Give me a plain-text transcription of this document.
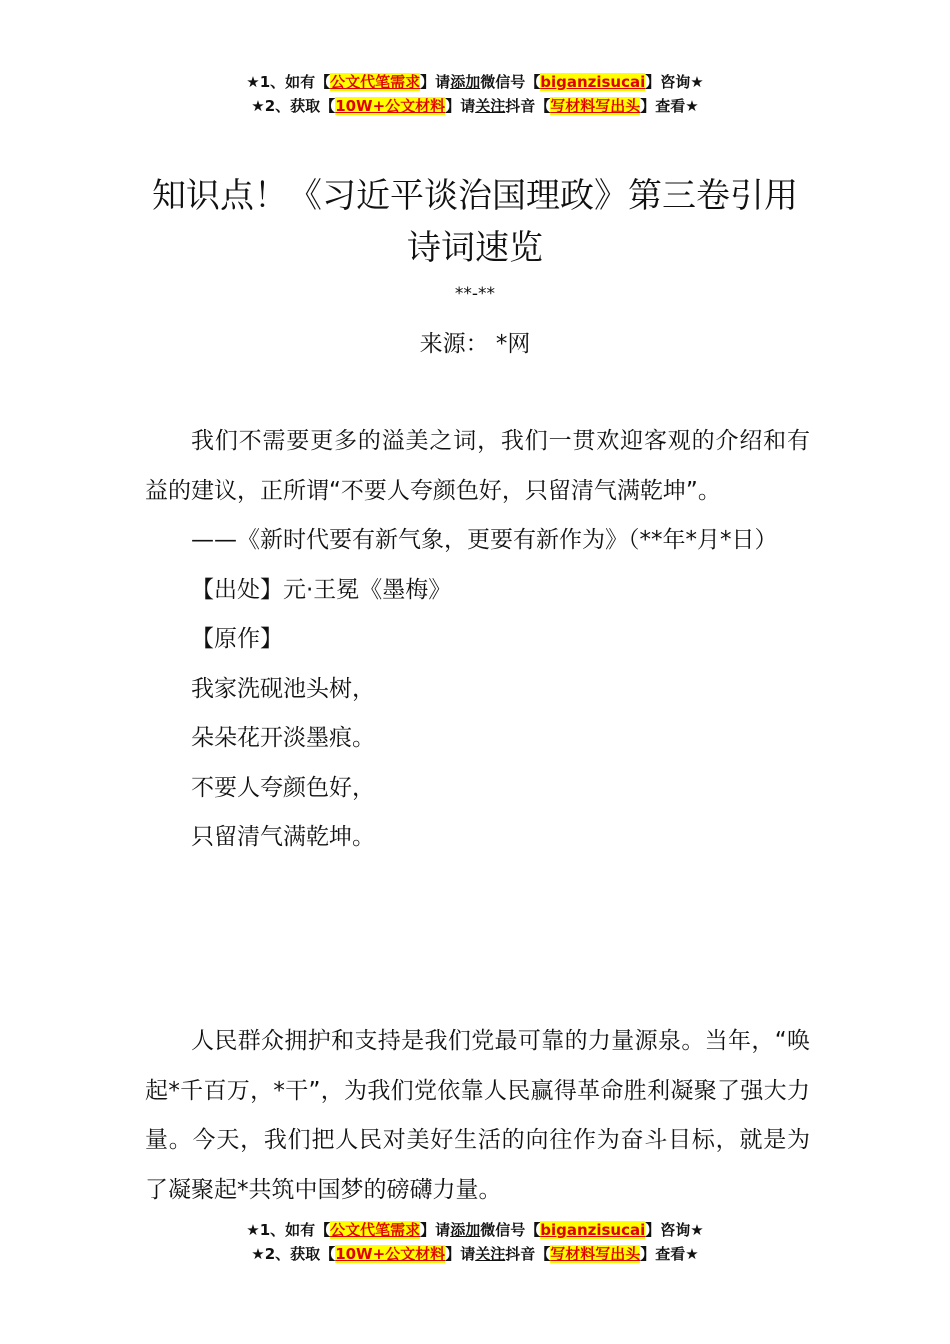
★1、如有【公文代笔需求】请添加微信号【biganzisucai】咨询★
★2、获取【10W+公文材料】请关注抖音【写材料写出头】查看★
知识点！《习近平谈治国理政》第三卷引用诗词速览
**-**
来源： *网

我们不需要更多的溢美之词，我们一贯欢迎客观的介绍和有益的建议，正所谓“不要人夸颜色好，只留清气满乾坤”。

——《新时代要有新气象，更要有新作为》（**年*月*日）

【出处】元·王冕《墨梅》

【原作】

我家洗砚池头树，

朵朵花开淡墨痕。

不要人夸颜色好，

只留清气满乾坤。

人民群众拥护和支持是我们党最可靠的力量源泉。当年，“唤起*千百万，*干”，为我们党依靠人民赢得革命胜利凝聚了强大力量。今天，我们把人民对美好生活的向往作为奋斗目标，就是为了凝聚起*共筑中国梦的磅礴力量。

★1、如有【公文代笔需求】请添加微信号【biganzisucai】咨询★
★2、获取【10W+公文材料】请关注抖音【写材料写出头】查看★
